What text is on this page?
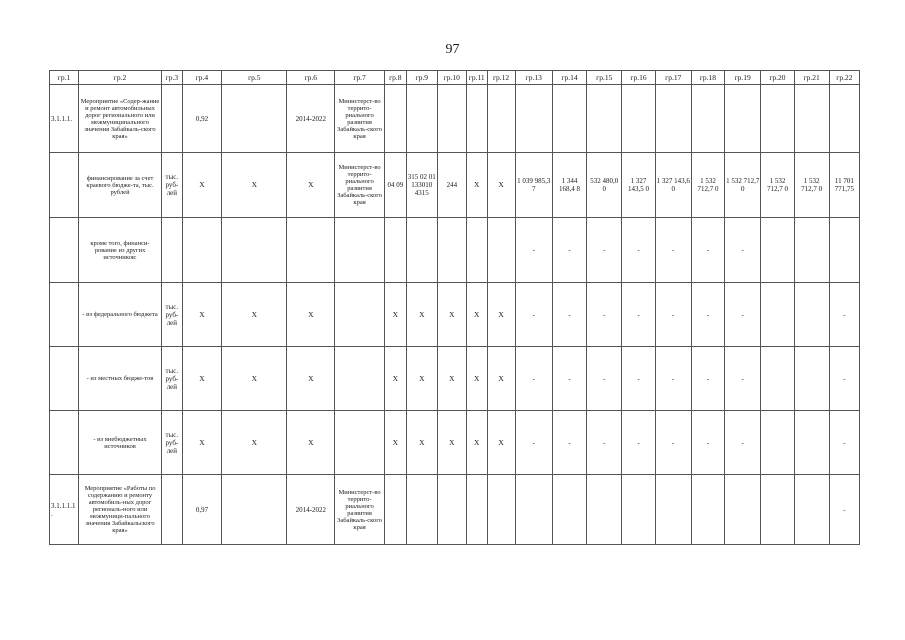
97
гр.1	гр.2	гр.3	гр.4	гр.5	гр.6	гр.7	гр.8	гр.9	гр.10	гр.11	гр.12	гр.13	гр.14	гр.15	гр.16	гр.17	гр.18	гр.19	гр.20	гр.21	гр.22
3.1.1.1.	Мероприятие «Содер-жание и ремонт автомобильных дорог регионального или межмуниципального значения Забайкаль-ского края»		0,92		2014-2022	Министерст-во террито-риального развития Забайкаль-ского края															
	финансирование за счет краевого бюдже-та, тыс. рублей	тыс. руб-лей	X	X	X	Министерст-во террито-риального развития Забайкаль-ского края	04 09	315 02 01 133010 4315	244	X	X	1 039 985,3 7	1 344 168,4 8	532 480,0 0	1 327 143,5 0	1 327 143,6 0	1 532 712,7 0	1 532 712,7 0	1 532 712,7 0	1 532 712,7 0	11 701 771,75
	кроме того, финанси-рование из других источников:											-	-	-	-	-	-	-			
	- из федерального бюджета	тыс. руб-лей	X	X	X		X	X	X	X	X	-	-	-	-	-	-	-			-
	- из местных бюдже-тов	тыс. руб-лей	X	X	X		X	X	X	X	X	-	-	-	-	-	-	-			-
	- из внебюджетных источников	тыс. руб-лей	X	X	X		X	X	X	X	X	-	-	-	-	-	-	-			-
3.1.1.1.1.	Мероприятие «Работы по содержанию и ремонту автомобиль-ных дорог региональ-ного или межмуници-пального значения Забайкальского края»		0,97		2014-2022	Министерст-во террито-риального развития Забайкаль-ского края															-
